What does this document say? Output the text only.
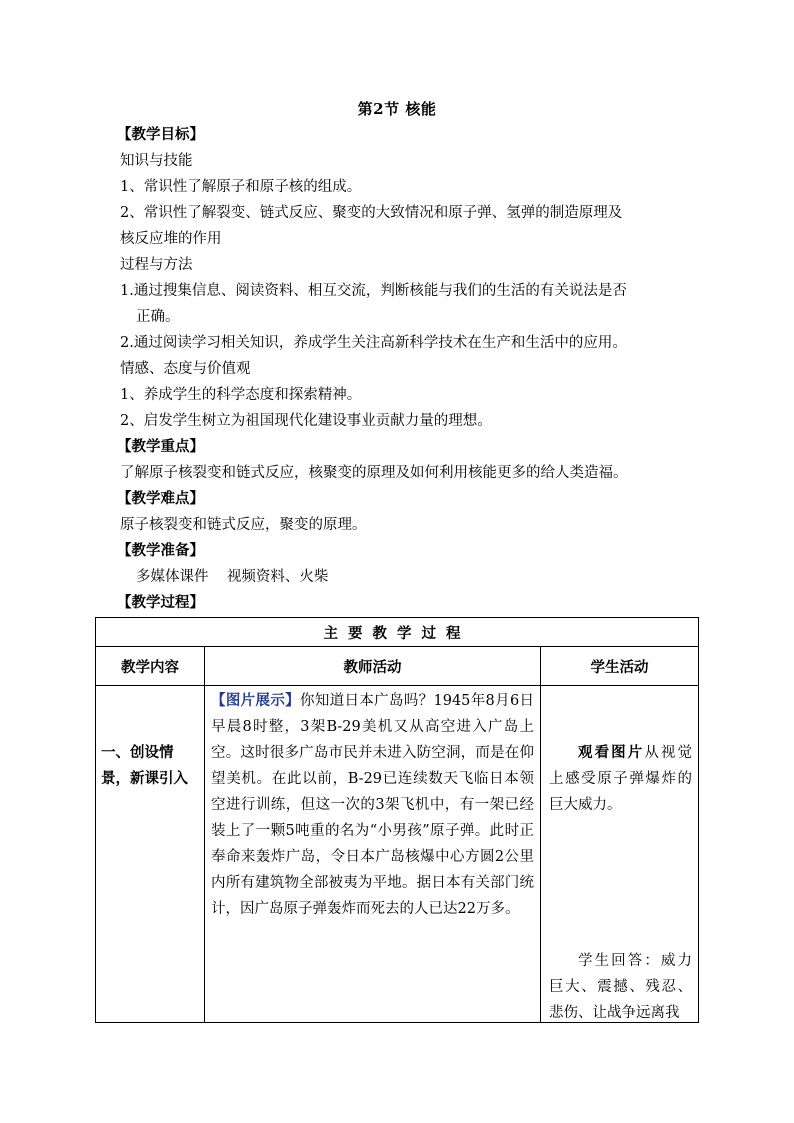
第2节 核能
【教学目标】
知识与技能
1、常识性了解原子和原子核的组成。
2、常识性了解裂变、链式反应、聚变的大致情况和原子弹、氢弹的制造原理及
核反应堆的作用
过程与方法
1.通过搜集信息、阅读资料、相互交流，判断核能与我们的生活的有关说法是否
正确。
2.通过阅读学习相关知识，养成学生关注高新科学技术在生产和生活中的应用。
情感、态度与价值观
1、养成学生的科学态度和探索精神。
2、启发学生树立为祖国现代化建设事业贡献力量的理想。
【教学重点】
了解原子核裂变和链式反应，核聚变的原理及如何利用核能更多的给人类造福。
【教学难点】
原子核裂变和链式反应，聚变的原理。
【教学准备】
多媒体课件    视频资料、火柴
【教学过程】
主要教学过程		
教学内容	教师活动	学生活动

一、创设情景，新课引入	【图片展示】你知道日本广岛吗？1945年8月6日早晨8时整，3架B-29美机又从高空进入广岛上空。这时很多广岛市民并未进入防空洞，而是在仰望美机。在此以前，B-29已连续数天飞临日本领空进行训练，但这一次的3架飞机中，有一架已经装上了一颗5吨重的名为“小男孩”原子弹。此时正奉命来轰炸广岛，令日本广岛核爆中心方圆2公里内所有建筑物全部被夷为平地。据日本有关部门统计，因广岛原子弹轰炸而死去的人已达22万多。	观看图片从视觉上感受原子弹爆炸的巨大威力。
学生回答：威力巨大、震撼、残忍、悲伤、让战争远离我
